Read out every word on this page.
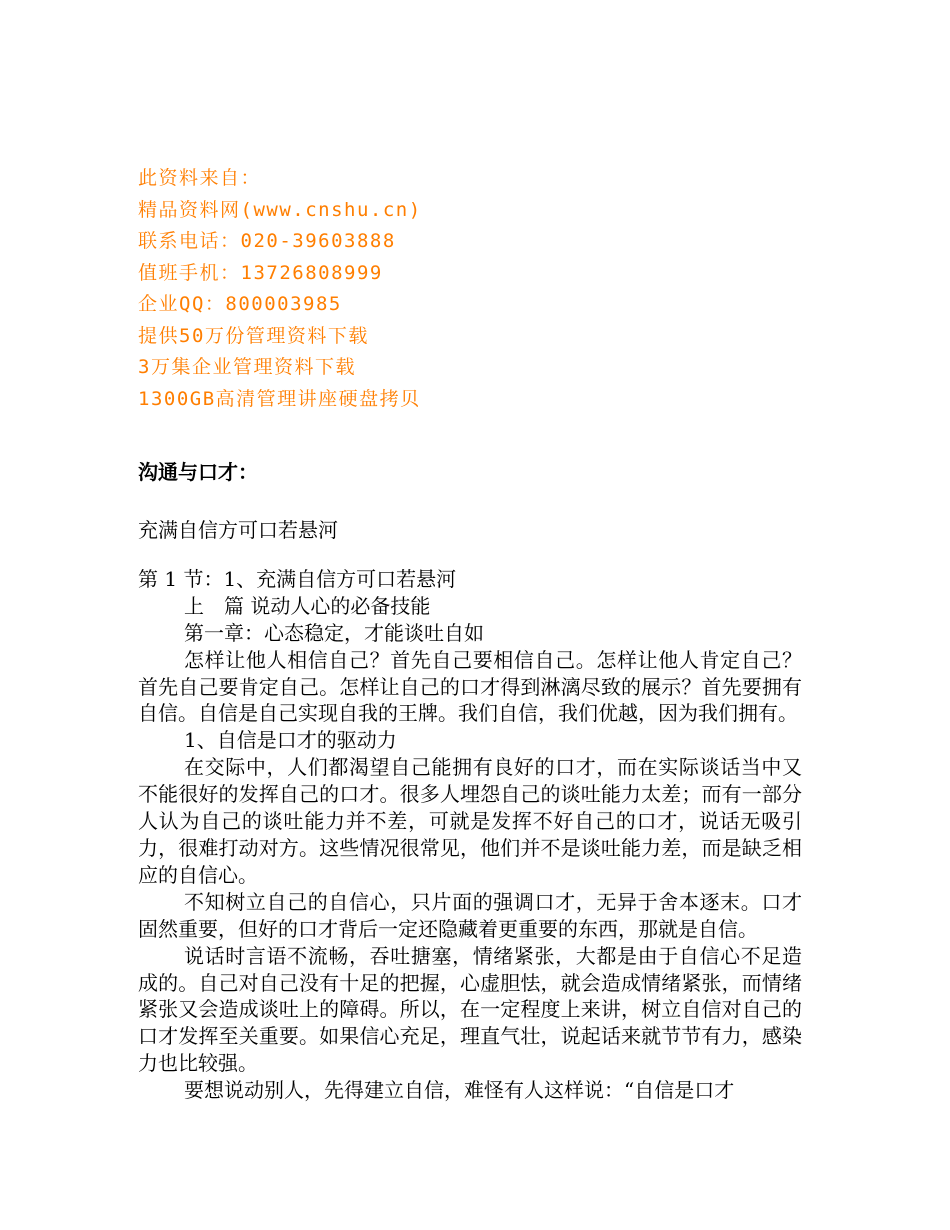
此资料来自：
精品资料网(www.cnshu.cn)
联系电话：020-39603888
值班手机：13726808999
企业QQ：800003985
提供50万份管理资料下载
3万集企业管理资料下载
1300GB高清管理讲座硬盘拷贝
沟通与口才：
充满自信方可口若悬河
第 1 节：1、充满自信方可口若悬河
上　篇 说动人心的必备技能
第一章：心态稳定，才能谈吐自如
怎样让他人相信自己？首先自己要相信自己。怎样让他人肯定自己？首先自己要肯定自己。怎样让自己的口才得到淋漓尽致的展示？首先要拥有自信。自信是自己实现自我的王牌。我们自信，我们优越，因为我们拥有。
1、自信是口才的驱动力
在交际中，人们都渴望自己能拥有良好的口才，而在实际谈话当中又不能很好的发挥自己的口才。很多人埋怨自己的谈吐能力太差；而有一部分人认为自己的谈吐能力并不差，可就是发挥不好自己的口才，说话无吸引力，很难打动对方。这些情况很常见，他们并不是谈吐能力差，而是缺乏相应的自信心。
不知树立自己的自信心，只片面的强调口才，无异于舍本逐末。口才固然重要，但好的口才背后一定还隐藏着更重要的东西，那就是自信。
说话时言语不流畅，吞吐搪塞，情绪紧张，大都是由于自信心不足造成的。自己对自己没有十足的把握，心虚胆怯，就会造成情绪紧张，而情绪紧张又会造成谈吐上的障碍。所以，在一定程度上来讲，树立自信对自己的口才发挥至关重要。如果信心充足，理直气壮，说起话来就节节有力，感染力也比较强。
要想说动别人，先得建立自信，难怪有人这样说：“自信是口才
